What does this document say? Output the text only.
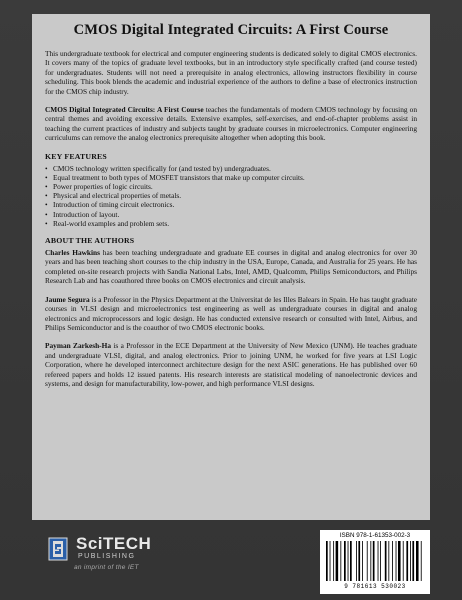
CMOS Digital Integrated Circuits: A First Course

This undergraduate textbook for electrical and computer engineering students is dedicated solely to digital CMOS electronics. It covers many of the topics of graduate level textbooks, but in an introductory style specifically crafted (and course tested) for undergraduates. Students will not need a prerequisite in analog electronics, allowing instructors flexibility in course scheduling. This book blends the academic and industrial experience of the authors to define a base of electronics instruction for the CMOS chip industry.

CMOS Digital Integrated Circuits: A First Course teaches the fundamentals of modern CMOS technology by focusing on central themes and avoiding excessive details. Extensive examples, self-exercises, and end-of-chapter problems assist in teaching the current practices of industry and subjects taught by graduate courses in microelectronics. Computer engineering curriculums can remove the analog electronics prerequisite altogether when adopting this book.

KEY FEATURES
• CMOS technology written specifically for (and tested by) undergraduates.
• Equal treatment to both types of MOSFET transistors that make up computer circuits.
• Power properties of logic circuits.
• Physical and electrical properties of metals.
• Introduction of timing circuit electronics.
• Introduction of layout.
• Real-world examples and problem sets.
ABOUT THE AUTHORS

Charles Hawkins has been teaching undergraduate and graduate EE courses in digital and analog electronics for over 30 years and has been teaching short courses to the chip industry in the USA, Europe, Canada, and Australia for 25 years. He has completed on-site research projects with Sandia National Labs, Intel, AMD, Qualcomm, Philips Semiconductors, and Philips Research Lab and has coauthored three books on CMOS electronics and circuit analysis.

Jaume Segura is a Professor in the Physics Department at the Universitat de les Illes Balears in Spain. He has taught graduate courses in VLSI design and microelectronics test engineering as well as undergraduate courses in digital and analog electronics and microprocessors and logic design. He has conducted extensive research or consulted with Intel, Airbus, and Philips Semiconductor and is the coauthor of two CMOS electronic books.

Payman Zarkesh-Ha is a Professor in the ECE Department at the University of New Mexico (UNM). He teaches graduate and undergraduate VLSI, digital, and analog electronics. Prior to joining UNM, he worked for five years at LSI Logic Corporation, where he developed interconnect architecture design for the next ASIC generations. He has published over 60 refereed papers and holds 12 issued patents. His research interests are statistical modeling of nanoelectronic devices and systems, and design for manufacturability, low-power, and high performance VLSI designs.

SciTECH
PUBLISHING
an imprint of the IET
ISBN 978-1-61353-002-3
9 781613 530023
